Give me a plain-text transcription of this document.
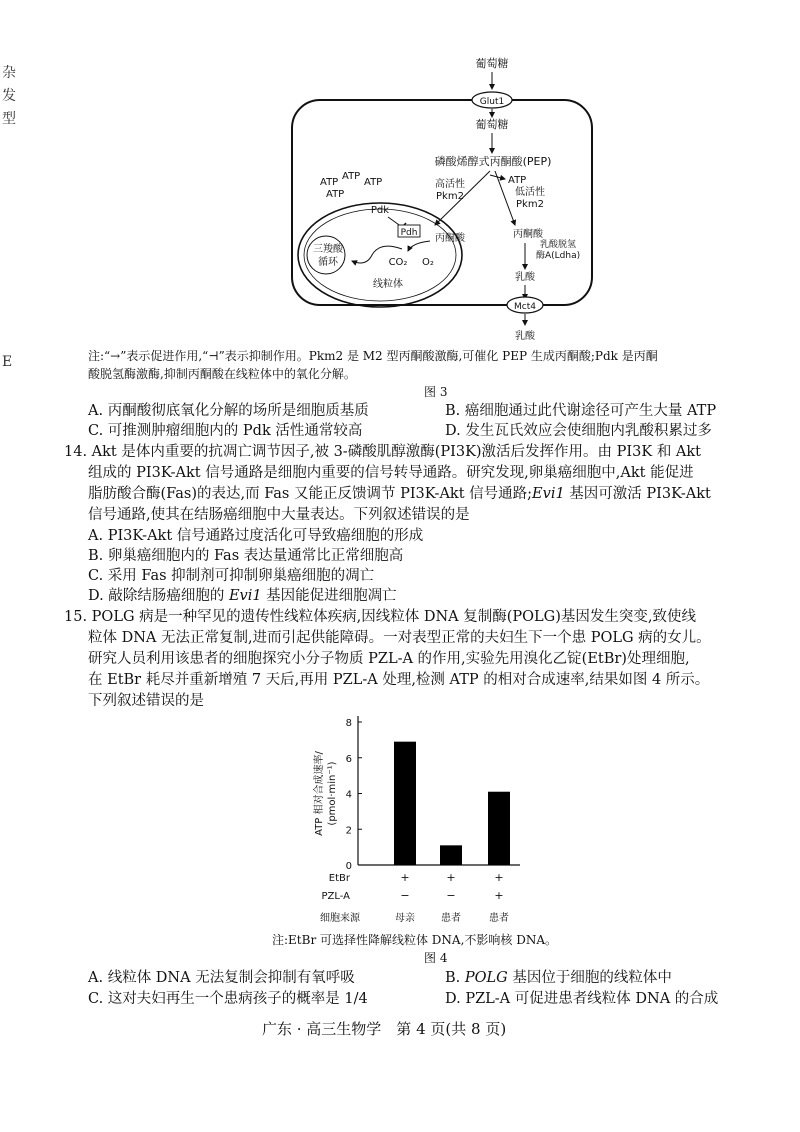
杂
发
型
E
葡萄糖
Glut1
葡萄糖
磷酸烯醇式丙酮酸(PEP)
ATP
高活性
Pkm2	低活性
Pkm2
ATP
ATP
ATP
ATP
Pdk
Pdh 丙酮酸
三羧酸
循环	CO₂ O₂
线粒体
丙酮酸
乳酸脱氢
酶A(Ldha)
乳酸
Mct4
乳酸
注:“→”表示促进作用,“⊣”表示抑制作用。Pkm2 是 M2 型丙酮酸激酶,可催化 PEP 生成丙酮酸;Pdk 是丙酮
酸脱氢酶激酶,抑制丙酮酸在线粒体中的氧化分解。
图 3
A. 丙酮酸彻底氧化分解的场所是细胞质基质	B. 癌细胞通过此代谢途径可产生大量 ATP
C. 可推测肿瘤细胞内的 Pdk 活性通常较高	D. 发生瓦氏效应会使细胞内乳酸积累过多
14. Akt 是体内重要的抗凋亡调节因子,被 3-磷酸肌醇激酶(PI3K)激活后发挥作用。由 PI3K 和 Akt
组成的 PI3K-Akt 信号通路是细胞内重要的信号转导通路。研究发现,卵巢癌细胞中,Akt 能促进
脂肪酸合酶(Fas)的表达,而 Fas 又能正反馈调节 PI3K-Akt 信号通路;Evi1 基因可激活 PI3K-Akt
信号通路,使其在结肠癌细胞中大量表达。下列叙述错误的是
A. PI3K-Akt 信号通路过度活化可导致癌细胞的形成
B. 卵巢癌细胞内的 Fas 表达量通常比正常细胞高
C. 采用 Fas 抑制剂可抑制卵巢癌细胞的凋亡
D. 敲除结肠癌细胞的 Evi1 基因能促进细胞凋亡
15. POLG 病是一种罕见的遗传性线粒体疾病,因线粒体 DNA 复制酶(POLG)基因发生突变,致使线
粒体 DNA 无法正常复制,进而引起供能障碍。一对表型正常的夫妇生下一个患 POLG 病的女儿。
研究人员利用该患者的细胞探究小分子物质 PZL-A 的作用,实验先用溴化乙锭(EtBr)处理细胞,
在 EtBr 耗尽并重新增殖 7 天后,再用 PZL-A 处理,检测 ATP 的相对合成速率,结果如图 4 所示。
下列叙述错误的是
0
2
4
6
8
ATP 相对合成速率/ (pmol·min⁻¹)
EtBr	+	+	+
PZL-A	−	−	+
细胞来源	母亲	患者	患者
注:EtBr 可选择性降解线粒体 DNA,不影响核 DNA。
图 4
A. 线粒体 DNA 无法复制会抑制有氧呼吸	B. POLG 基因位于细胞的线粒体中
C. 这对夫妇再生一个患病孩子的概率是 1/4	D. PZL-A 可促进患者线粒体 DNA 的合成
广东 · 高三生物学　第 4 页(共 8 页)
